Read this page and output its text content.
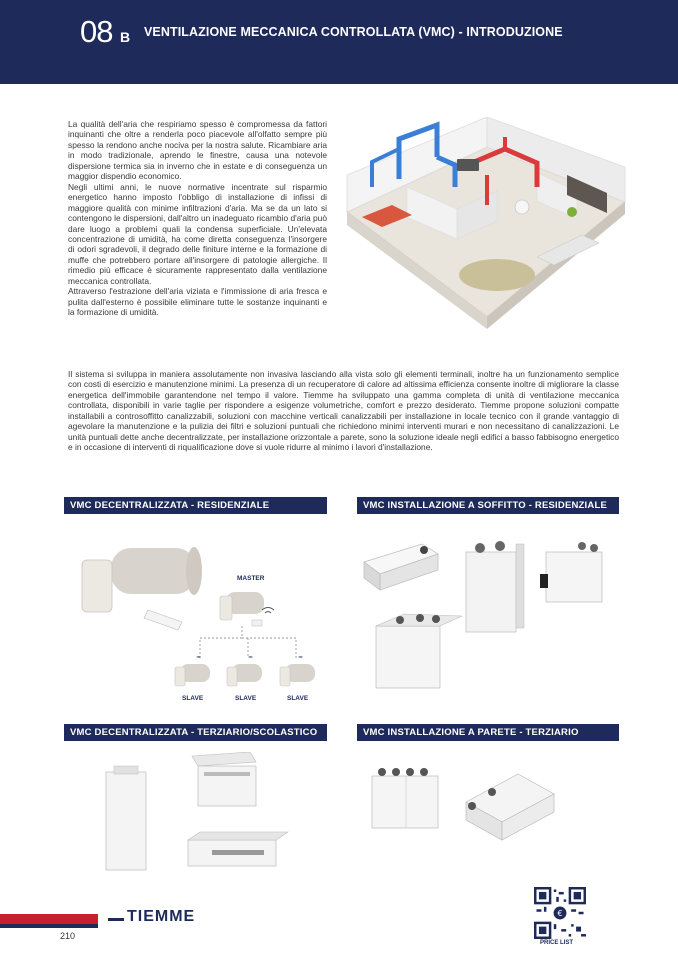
08 B VENTILAZIONE MECCANICA CONTROLLATA (VMC) - INTRODUZIONE

La qualità dell'aria che respiriamo spesso è compromessa da fattori inquinanti che oltre a renderla poco piacevole all'olfatto sempre più spesso la rendono anche nociva per la nostra salute. Ricambiare aria in modo tradizionale, aprendo le finestre, causa una notevole dispersione termica sia in inverno che in estate e di conseguenza un maggior dispendio economico.

Negli ultimi anni, le nuove normative incentrate sul risparmio energetico hanno imposto l'obbligo di installazione di infissi di maggiore qualità con minime infiltrazioni d'aria. Ma se da un lato si contengono le dispersioni, dall'altro un inadeguato ricambio d'aria può dare luogo a problemi quali la condensa superficiale. Un'elevata concentrazione di umidità, ha come diretta conseguenza l'insorgere di odori sgradevoli, il degrado delle finiture interne e la formazione di muffe che potrebbero portare all'insorgere di patologie allergiche. Il rimedio più efficace è sicuramente rappresentato dalla ventilazione meccanica controllata.

Attraverso l'estrazione dell'aria viziata e l'immissione di aria fresca e pulita dall'esterno è possibile eliminare tutte le sostanze inquinanti e la formazione di umidità.

Il sistema si sviluppa in maniera assolutamente non invasiva lasciando alla vista solo gli elementi terminali, inoltre ha un funzionamento semplice con costi di esercizio e manutenzione minimi. La presenza di un recuperatore di calore ad altissima efficienza consente inoltre di migliorare la classe energetica dell'immobile garantendone nel tempo il valore. Tiemme ha sviluppato una gamma completa di unità di ventilazione meccanica controllata, disponibili in varie taglie per rispondere a esigenze volumetriche, comfort e prezzo desiderato. Tiemme propone soluzioni compatte installabili a controsoffitto canalizzabili, soluzioni con macchine verticali canalizzabili per installazione in locale tecnico con il grande vantaggio di agevolare la manutenzione e la pulizia dei filtri e soluzioni puntuali che richiedono minimi interventi murari e non necessitano di canalizzazioni. Le unità puntuali dette anche decentralizzate, per installazione orizzontale a parete, sono la soluzione ideale negli edifici a basso fabbisogno energetico e in occasione di interventi di riqualificazione dove si vuole ridurre al minimo i lavori d'installazione.
VMC DECENTRALIZZATA - RESIDENZIALE	VMC INSTALLAZIONE A SOFFITTO - RESIDENZIALE
VMC DECENTRALIZZATA - TERZIARIO/SCOLASTICO	VMC INSTALLAZIONE A PARETE - TERZIARIO
≈	≈	≈
MASTER
SLAVE	SLAVE	SLAVE
TIEMME
210
€
PRICE LIST
